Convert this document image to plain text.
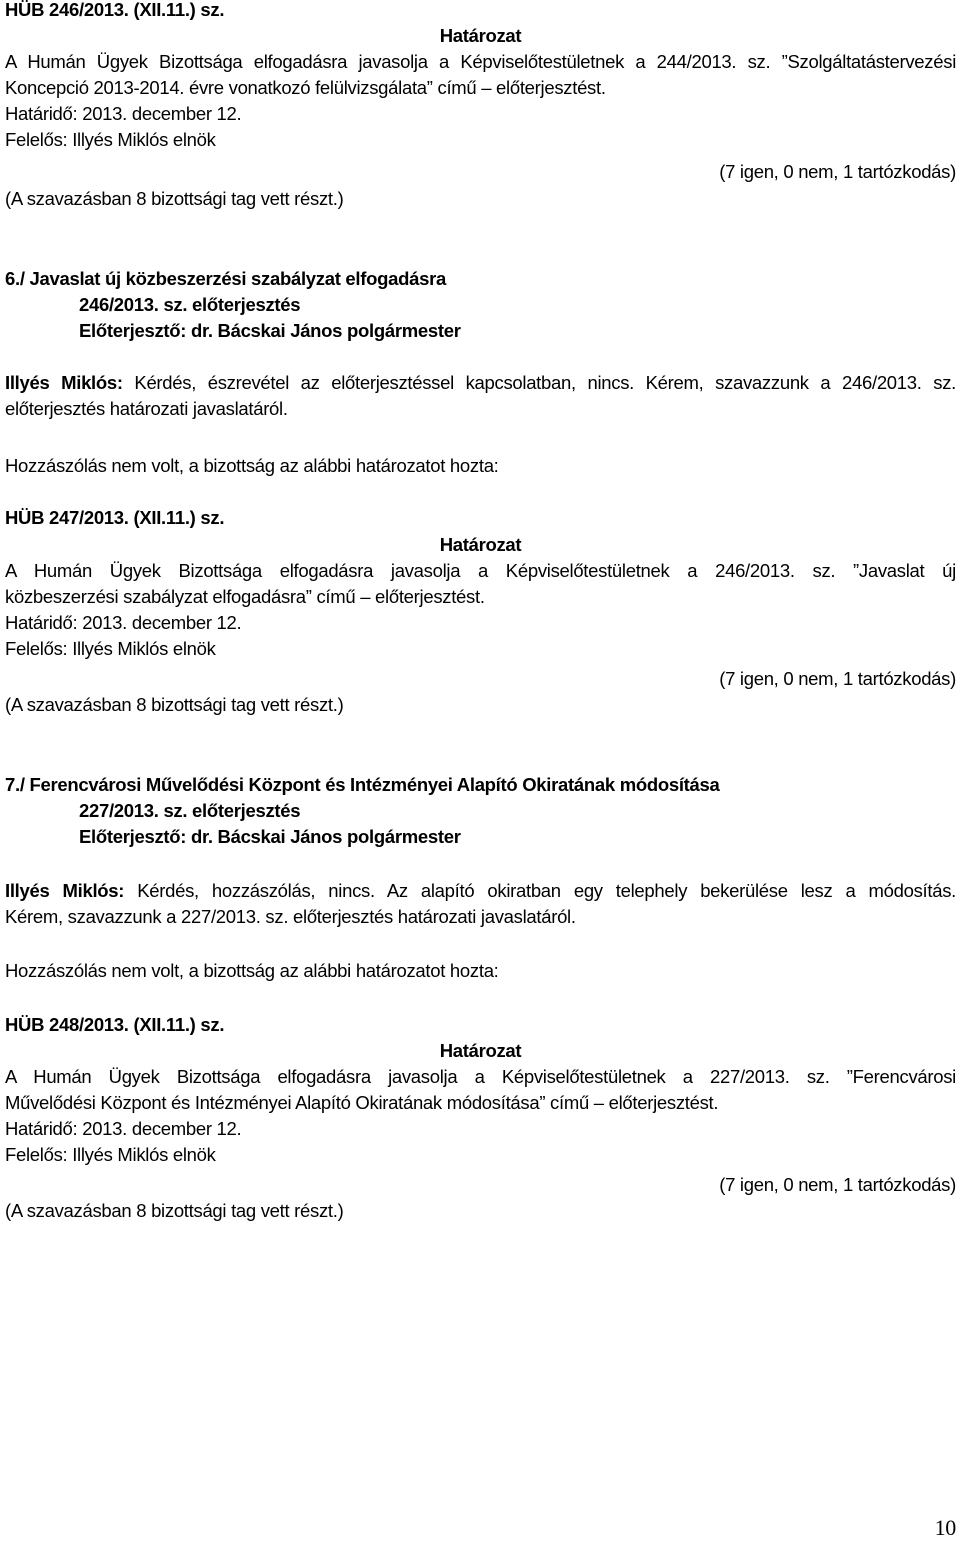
HÜB 246/2013. (XII.11.) sz.
Határozat
A Humán Ügyek Bizottsága elfogadásra javasolja a Képviselőtestületnek a 244/2013. sz. ”Szolgáltatástervezési
Koncepció 2013-2014. évre vonatkozó felülvizsgálata” című – előterjesztést.
Határidő: 2013. december 12.
Felelős: Illyés Miklós elnök
(7 igen, 0 nem, 1 tartózkodás)
(A szavazásban 8 bizottsági tag vett részt.)
6./ Javaslat új közbeszerzési szabályzat elfogadásra
246/2013. sz. előterjesztés
Előterjesztő: dr. Bácskai János polgármester
Illyés Miklós: Kérdés, észrevétel az előterjesztéssel kapcsolatban, nincs. Kérem, szavazzunk a 246/2013. sz.
előterjesztés határozati javaslatáról.
Hozzászólás nem volt, a bizottság az alábbi határozatot hozta:
HÜB 247/2013. (XII.11.) sz.
Határozat
A Humán Ügyek Bizottsága elfogadásra javasolja a Képviselőtestületnek a 246/2013. sz. ”Javaslat új
közbeszerzési szabályzat elfogadásra” című – előterjesztést.
Határidő: 2013. december 12.
Felelős: Illyés Miklós elnök
(7 igen, 0 nem, 1 tartózkodás)
(A szavazásban 8 bizottsági tag vett részt.)
7./ Ferencvárosi Művelődési Központ és Intézményei Alapító Okiratának módosítása
227/2013. sz. előterjesztés
Előterjesztő: dr. Bácskai János polgármester
Illyés Miklós: Kérdés, hozzászólás, nincs. Az alapító okiratban egy telephely bekerülése lesz a módosítás.
Kérem, szavazzunk a 227/2013. sz. előterjesztés határozati javaslatáról.
Hozzászólás nem volt, a bizottság az alábbi határozatot hozta:
HÜB 248/2013. (XII.11.) sz.
Határozat
A Humán Ügyek Bizottsága elfogadásra javasolja a Képviselőtestületnek a 227/2013. sz. ”Ferencvárosi
Művelődési Központ és Intézményei Alapító Okiratának módosítása” című – előterjesztést.
Határidő: 2013. december 12.
Felelős: Illyés Miklós elnök
(7 igen, 0 nem, 1 tartózkodás)
(A szavazásban 8 bizottsági tag vett részt.)
10
